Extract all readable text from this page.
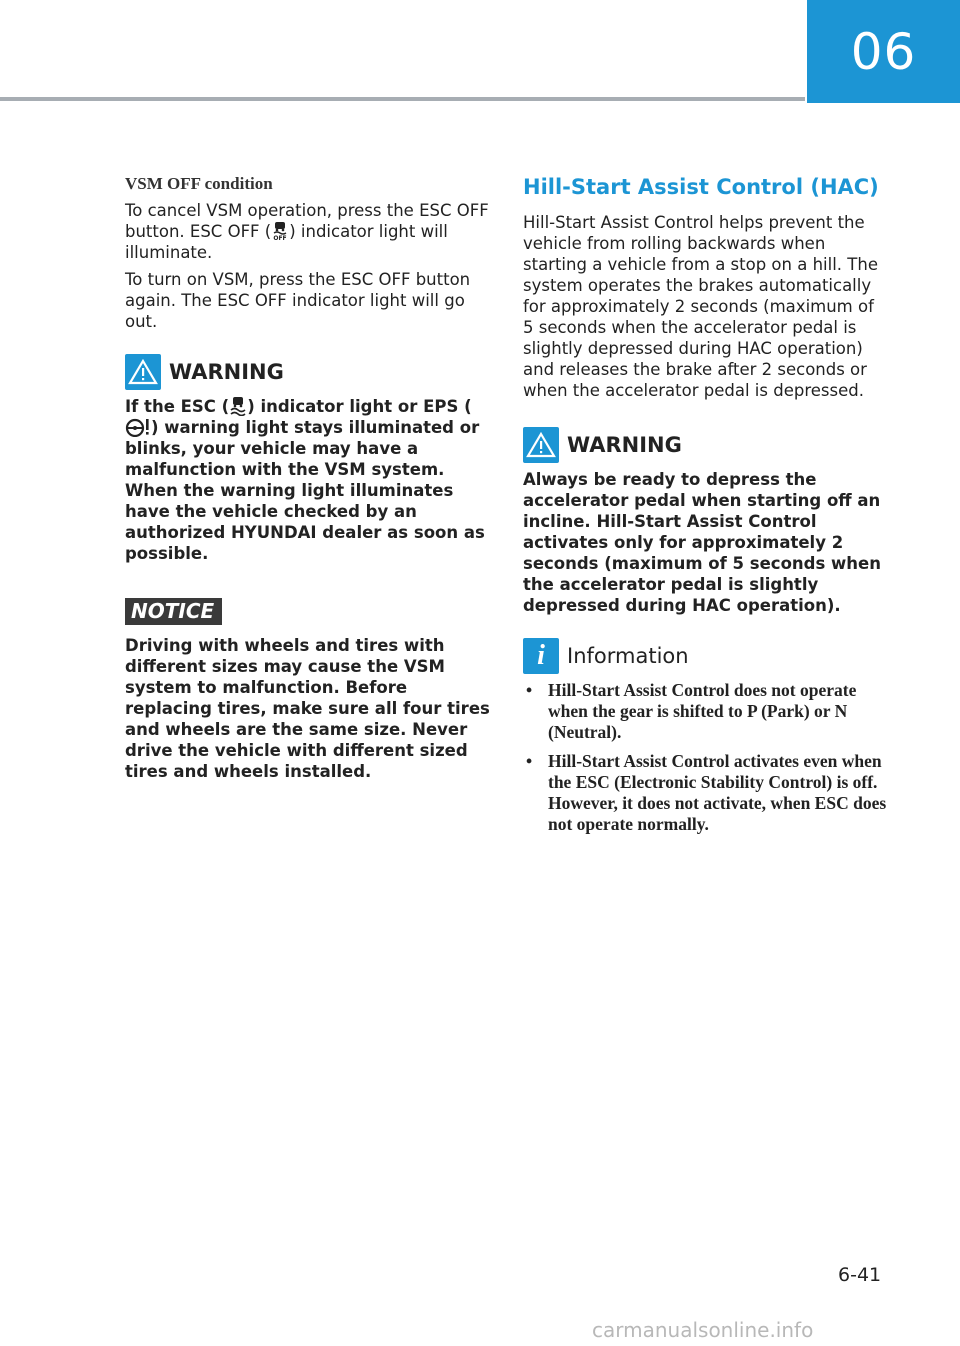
06
VSM OFF condition

To cancel VSM operation, press the ESC OFF button. ESC OFF ( OFF ) indicator light will illuminate.

To turn on VSM, press the ESC OFF button again. The ESC OFF indicator light will go out.

WARNING

If the ESC ( ) indicator light or EPS () warning light stays illuminated or blinks, your vehicle may have a malfunction with the VSM system. When the warning light illuminates have the vehicle checked by an authorized HYUNDAI dealer as soon as possible.

NOTICE

Driving with wheels and tires with different sizes may cause the VSM system to malfunction. Before replacing tires, make sure all four tires and wheels are the same size. Never drive the vehicle with different sized tires and wheels installed.

Hill-Start Assist Control (HAC)

Hill-Start Assist Control helps prevent the vehicle from rolling backwards when starting a vehicle from a stop on a hill. The system operates the brakes automatically for approximately 2 seconds (maximum of 5 seconds when the accelerator pedal is slightly depressed during HAC operation) and releases the brake after 2 seconds or when the accelerator pedal is depressed.

WARNING

Always be ready to depress the accelerator pedal when starting off an incline. Hill-Start Assist Control activates only for approximately 2 seconds (maximum of 5 seconds when the accelerator pedal is slightly depressed during HAC operation).

i	Information
• Hill-Start Assist Control does not operate when the gear is shifted to P (Park) or N (Neutral).
• Hill-Start Assist Control activates even when the ESC (Electronic Stability Control) is off. However, it does not activate, when ESC does not operate normally.
6-41
carmanualsonline.info
